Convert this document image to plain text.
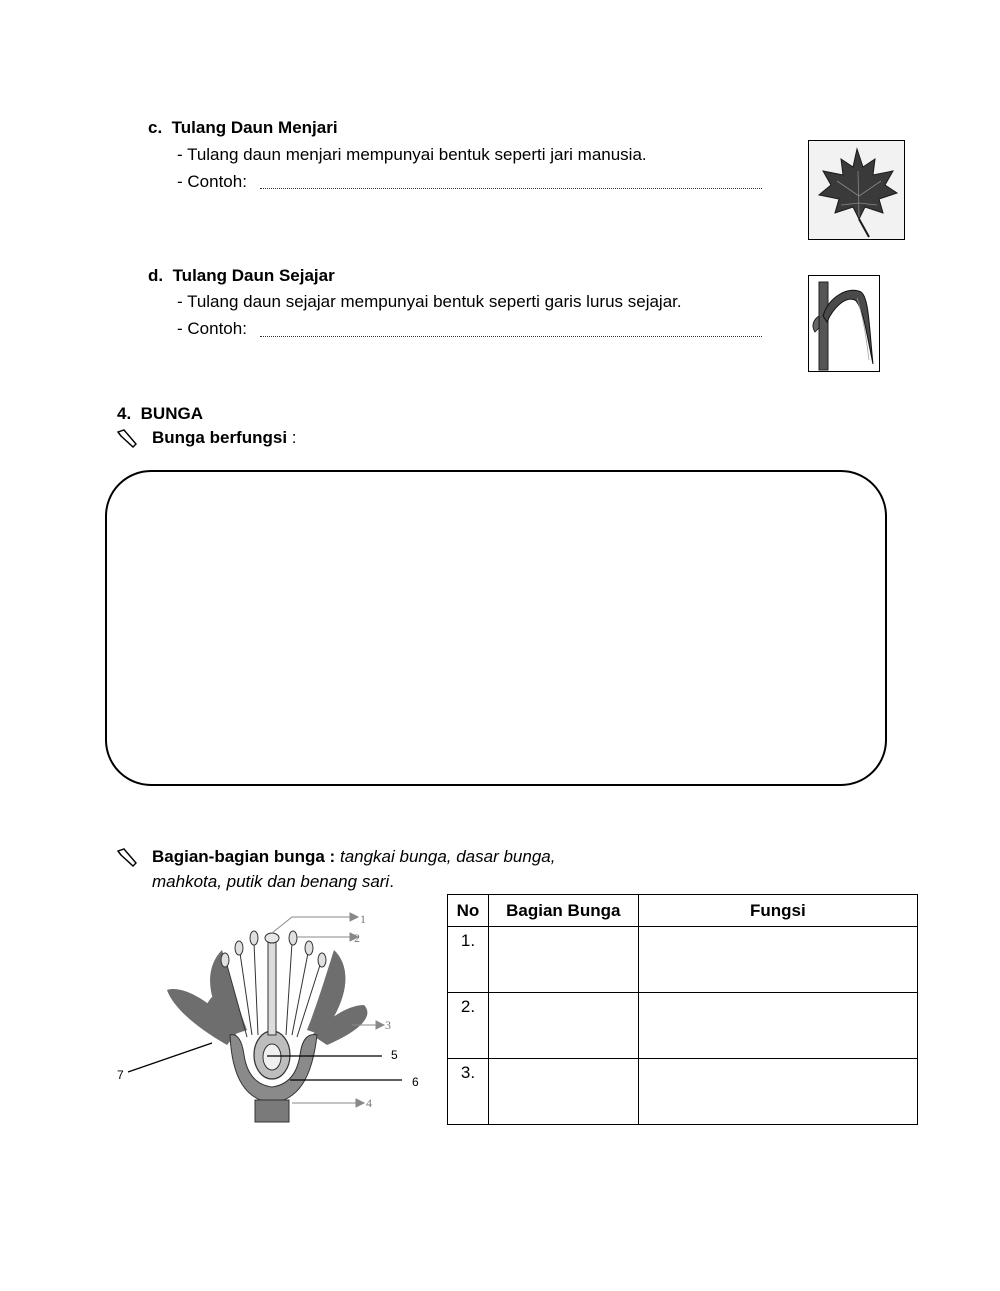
c. Tulang Daun Menjari
- Tulang daun menjari mempunyai bentuk seperti jari manusia.
- Contoh:
d. Tulang Daun Sejajar
- Tulang daun sejajar mempunyai bentuk seperti garis lurus sejajar.
- Contoh:
4. BUNGA
Bunga berfungsi :
Bagian-bagian bunga : tangkai bunga, dasar bunga,
mahkota, putik dan benang sari.
1
2
3
4
5
6
7
No	Bagian Bunga	Fungsi
1.		
2.		
3.		
